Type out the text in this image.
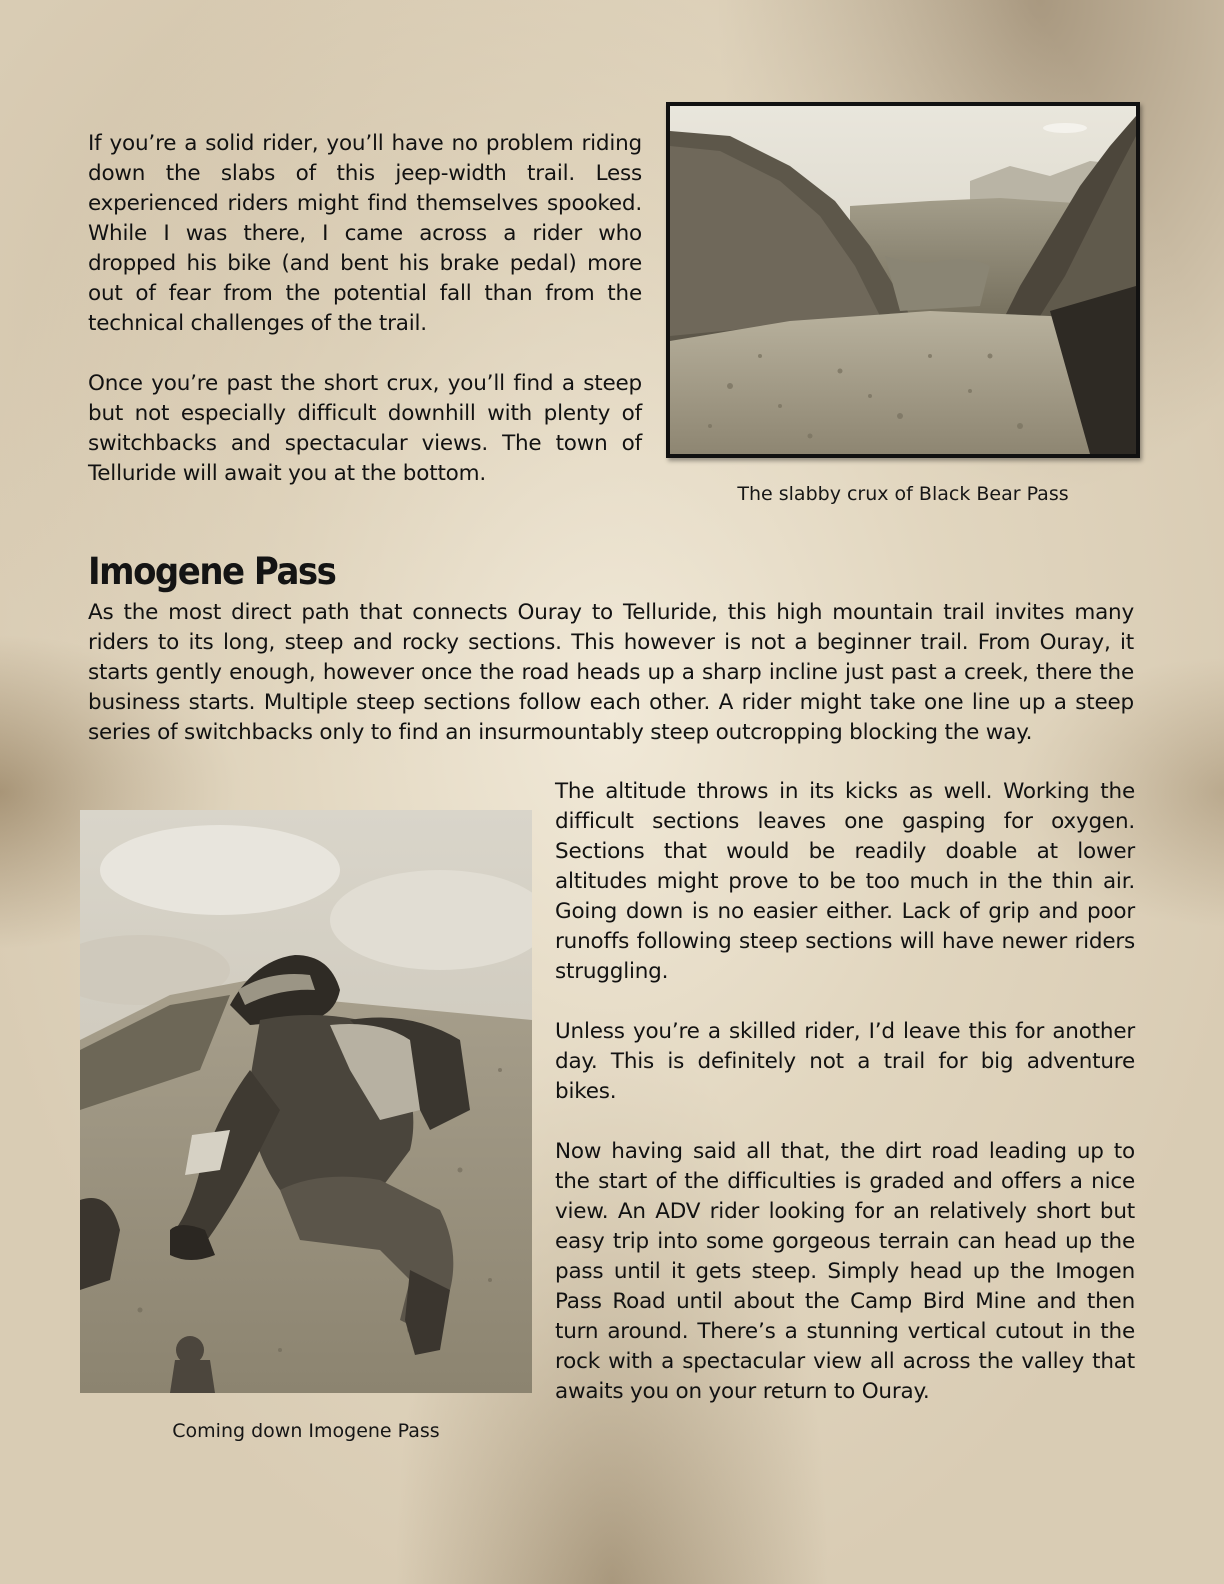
If you’re a solid rider, you’ll have no problem riding down the slabs of this jeep-width trail. Less experienced riders might find themselves spooked. While I was there, I came across a rider who dropped his bike (and bent his brake pedal) more out of fear from the potential fall than from the technical challenges of the trail.

Once you’re past the short crux, you’ll find a steep but not especially difficult downhill with plenty of switchbacks and spectacular views. The town of Telluride will await you at the bottom.

The slabby crux of Black Bear Pass
Imogene Pass

As the most direct path that connects Ouray to Telluride, this high mountain trail invites many riders to its long, steep and rocky sections. This however is not a beginner trail. From Ouray, it starts gently enough, however once the road heads up a sharp incline just past a creek, there the business starts. Multiple steep sections follow each other. A rider might take one line up a steep series of switchbacks only to find an insurmountably steep outcropping blocking the way.

Coming down Imogene Pass

The altitude throws in its kicks as well. Working the difficult sections leaves one gasping for oxygen. Sections that would be readily doable at lower altitudes might prove to be too much in the thin air. Going down is no easier either. Lack of grip and poor runoffs following steep sections will have newer riders struggling.

Unless you’re a skilled rider, I’d leave this for another day. This is definitely not a trail for big adventure bikes.

Now having said all that, the dirt road leading up to the start of the difficulties is graded and offers a nice view. An ADV rider looking for an relatively short but easy trip into some gorgeous terrain can head up the pass until it gets steep. Simply head up the Imogen Pass Road until about the Camp Bird Mine and then turn around. There’s a stunning vertical cutout in the rock with a spectacular view all across the valley that awaits you on your return to Ouray.
